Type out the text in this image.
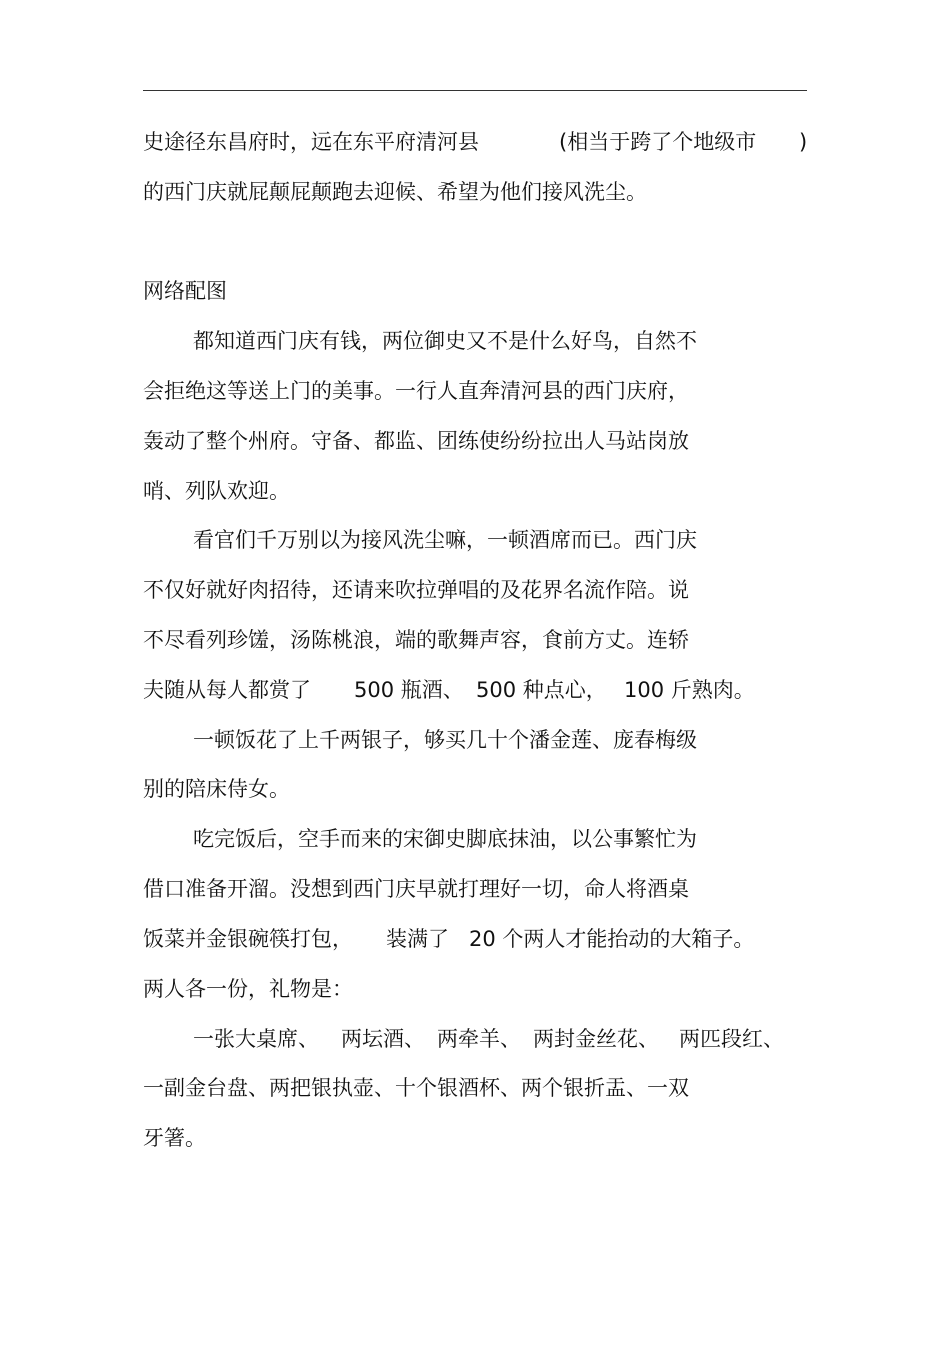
史途径东昌府时，远在东平府清河县

	(相当于跨了个地级市

)

的西门庆就屁颠屁颠跑去迎候、希望为他们接风洗尘。
网络配图
都知道西门庆有钱，两位御史又不是什么好鸟，自然不
会拒绝这等送上门的美事。一行人直奔清河县的西门庆府，
轰动了整个州府。守备、都监、团练使纷纷拉出人马站岗放
哨、列队欢迎。
看官们千万别以为接风洗尘嘛，一顿酒席而已。西门庆
不仅好就好肉招待，还请来吹拉弹唱的及花界名流作陪。说
不尽看列珍馐，汤陈桃浪，端的歌舞声容，食前方丈。连轿

夫随从每人都赏了

500 瓶酒、

500 种点心，

100 斤熟肉。

一顿饭花了上千两银子，够买几十个潘金莲、庞春梅级
别的陪床侍女。
吃完饭后，空手而来的宋御史脚底抹油，以公事繁忙为
借口准备开溜。没想到西门庆早就打理好一切，命人将酒桌

饭菜并金银碗筷打包，

装满了

20 个两人才能抬动的大箱子。

两人各一份，礼物是：

一张大桌席、

两坛酒、

两牵羊、

两封金丝花、

两匹段红、

一副金台盘、两把银执壶、十个银酒杯、两个银折盂、一双
牙箸。
